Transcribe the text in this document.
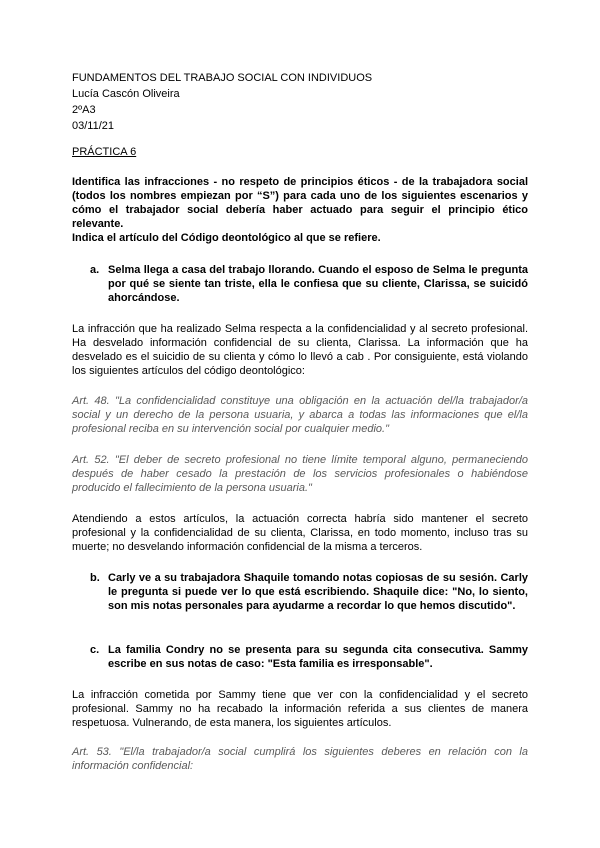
FUNDAMENTOS DEL TRABAJO SOCIAL CON INDIVIDUOS
Lucía Cascón Oliveira
2ºA3
03/11/21
PRÁCTICA 6
Identifica las infracciones - no respeto de principios éticos - de la trabajadora social (todos los nombres empiezan por “S”) para cada uno de los siguientes escenarios y cómo el trabajador social debería haber actuado para seguir el principio ético relevante.
Indica el artículo del Código deontológico al que se refiere.
a. Selma llega a casa del trabajo llorando. Cuando el esposo de Selma le pregunta por qué se siente tan triste, ella le confiesa que su cliente, Clarissa, se suicidó ahorcándose.
La infracción que ha realizado Selma respecta a la confidencialidad y al secreto profesional. Ha desvelado información confidencial de su clienta, Clarissa. La información que ha desvelado es el suicidio de su clienta y cómo lo llevó a cab . Por consiguiente, está violando los siguientes artículos del código deontológico:
Art. 48. "La confidencialidad constituye una obligación en la actuación del/la trabajador/a social y un derecho de la persona usuaria, y abarca a todas las informaciones que el/la profesional reciba en su intervención social por cualquier medio."
Art. 52. "El deber de secreto profesional no tiene límite temporal alguno, permaneciendo después de haber cesado la prestación de los servicios profesionales o habiéndose producido el fallecimiento de la persona usuaria."
Atendiendo a estos artículos, la actuación correcta habría sido mantener el secreto profesional y la confidencialidad de su clienta, Clarissa, en todo momento, incluso tras su muerte; no desvelando información confidencial de la misma a terceros.
b. Carly ve a su trabajadora Shaquile tomando notas copiosas de su sesión. Carly le pregunta si puede ver lo que está escribiendo. Shaquile dice: "No, lo siento, son mis notas personales para ayudarme a recordar lo que hemos discutido".
c. La familia Condry no se presenta para su segunda cita consecutiva. Sammy escribe en sus notas de caso: "Esta familia es irresponsable".
La infracción cometida por Sammy tiene que ver con la confidencialidad y el secreto profesional. Sammy no ha recabado la información referida a sus clientes de manera respetuosa. Vulnerando, de esta manera, los siguientes artículos.
Art. 53. "El/la trabajador/a social cumplirá los siguientes deberes en relación con la información confidencial:
